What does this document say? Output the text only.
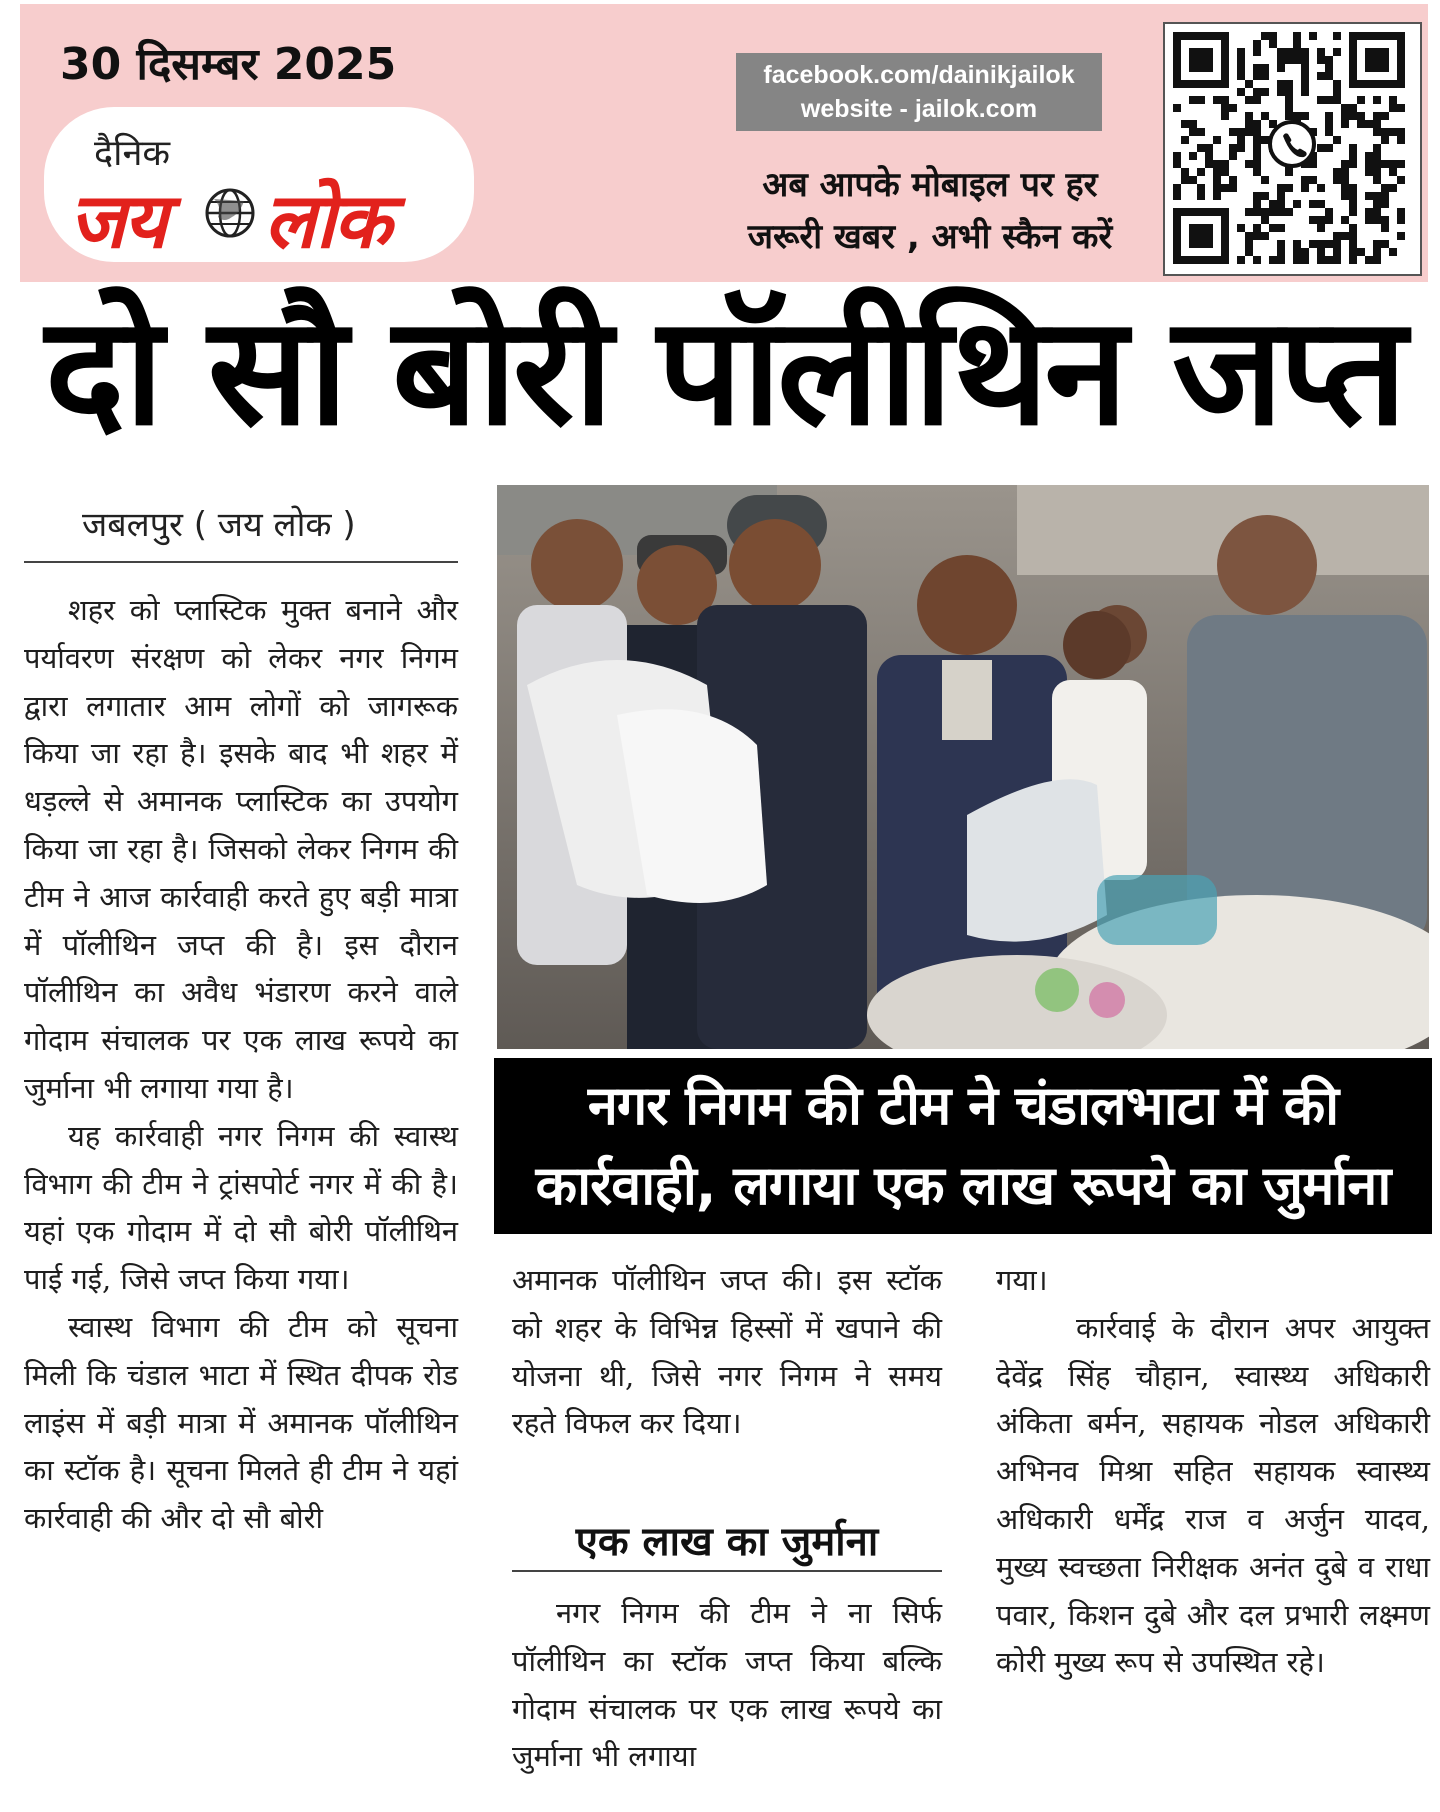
30 दिसम्बर 2025
दैनिक
जय लोक
facebook.com/dainikjailok
website - jailok.com
अब आपके मोबाइल पर हर
जरूरी खबर , अभी स्कैन करें
दो सौ बोरी पॉलीथिन जप्त
जबलपुर ( जय लोक )

शहर को प्लास्टिक मुक्त बनाने और पर्यावरण संरक्षण को लेकर नगर निगम द्वारा लगातार आम लोगों को जागरूक किया जा रहा है। इसके बाद भी शहर में धड़ल्ले से अमानक प्लास्टिक का उपयोग किया जा रहा है। जिसको लेकर निगम की टीम ने आज कार्रवाही करते हुए बड़ी मात्रा में पॉलीथिन जप्त की है। इस दौरान पॉलीथिन का अवैध भंडारण करने वाले गोदाम संचालक पर एक लाख रूपये का जुर्माना भी लगाया गया है।

यह कार्रवाही नगर निगम की स्वास्थ विभाग की टीम ने ट्रांसपोर्ट नगर में की है। यहां एक गोदाम में दो सौ बोरी पॉलीथिन पाई गई, जिसे जप्त किया गया।

स्वास्थ विभाग की टीम को सूचना मिली कि चंडाल भाटा में स्थित दीपक रोड लाइंस में बड़ी मात्रा में अमानक पॉलीथिन का स्टॉक है। सूचना मिलते ही टीम ने यहां कार्रवाही की और दो सौ बोरी

नगर निगम की टीम ने चंडालभाटा में की
कार्रवाही, लगाया एक लाख रूपये का जुर्माना

अमानक पॉलीथिन जप्त की। इस स्टॉक को शहर के विभिन्न हिस्सों में खपाने की योजना थी, जिसे नगर निगम ने समय रहते विफल कर दिया।

एक लाख का जुर्माना

नगर निगम की टीम ने ना सिर्फ पॉलीथिन का स्टॉक जप्त किया बल्कि गोदाम संचालक पर एक लाख रूपये का जुर्माना भी लगाया

गया।

कार्रवाई के दौरान अपर आयुक्त देवेंद्र सिंह चौहान, स्वास्थ्य अधिकारी अंकिता बर्मन, सहायक नोडल अधिकारी अभिनव मिश्रा सहित सहायक स्वास्थ्य अधिकारी धर्मेंद्र राज व अर्जुन यादव, मुख्य स्वच्छता निरीक्षक अनंत दुबे व राधा पवार, किशन दुबे और दल प्रभारी लक्ष्मण कोरी मुख्य रूप से उपस्थित रहे।
